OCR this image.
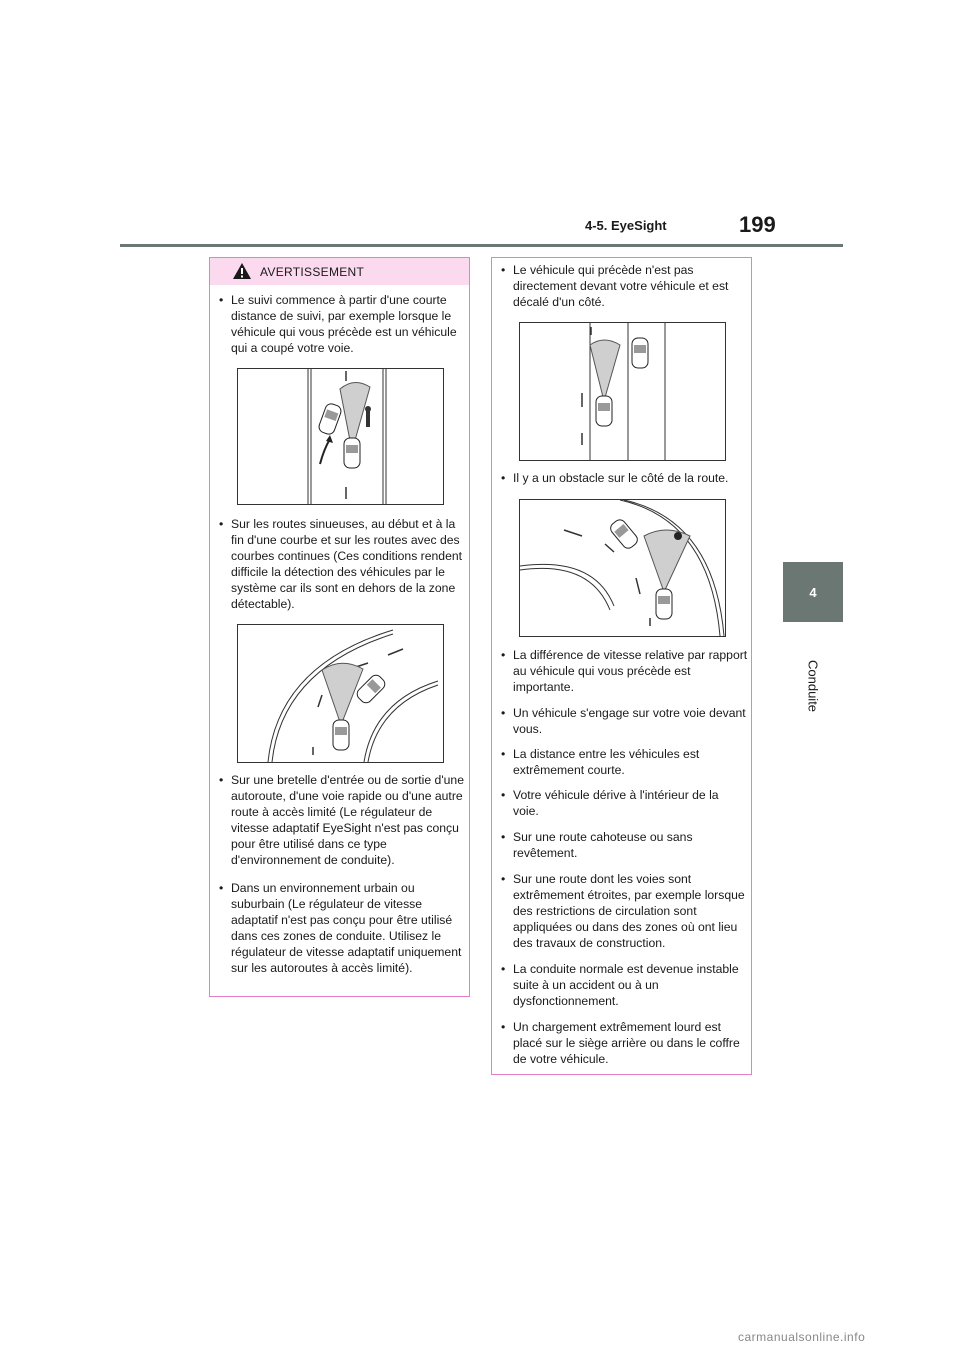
4-5. EyeSight	199
4
Conduite
AVERTISSEMENT
• Le suivi commence à partir d'une courte distance de suivi, par exemple lorsque le véhicule qui vous précède est un véhicule qui a coupé votre voie.
• Sur les routes sinueuses, au début et à la fin d'une courbe et sur les routes avec des courbes continues (Ces conditions rendent difficile la détection des véhicules par le système car ils sont en dehors de la zone détectable).
• Sur une bretelle d'entrée ou de sortie d'une autoroute, d'une voie rapide ou d'une autre route à accès limité (Le régulateur de vitesse adaptatif EyeSight n'est pas conçu pour être utilisé dans ce type d'environnement de conduite).
• Dans un environnement urbain ou suburbain (Le régulateur de vitesse adaptatif n'est pas conçu pour être utilisé dans ces zones de conduite. Utilisez le régulateur de vitesse adaptatif uniquement sur les autoroutes à accès limité).
• Le véhicule qui précède n'est pas directement devant votre véhicule et est décalé d'un côté.
• Il y a un obstacle sur le côté de la route.
• La différence de vitesse relative par rapport au véhicule qui vous précède est importante.
• Un véhicule s'engage sur votre voie devant vous.
• La distance entre les véhicules est extrêmement courte.
• Votre véhicule dérive à l'intérieur de la voie.
• Sur une route cahoteuse ou sans revêtement.
• Sur une route dont les voies sont extrêmement étroites, par exemple lorsque des restrictions de circulation sont appliquées ou dans des zones où ont lieu des travaux de construction.
• La conduite normale est devenue instable suite à un accident ou à un dysfonctionnement.
• Un chargement extrêmement lourd est placé sur le siège arrière ou dans le coffre de votre véhicule.
carmanualsonline.info
